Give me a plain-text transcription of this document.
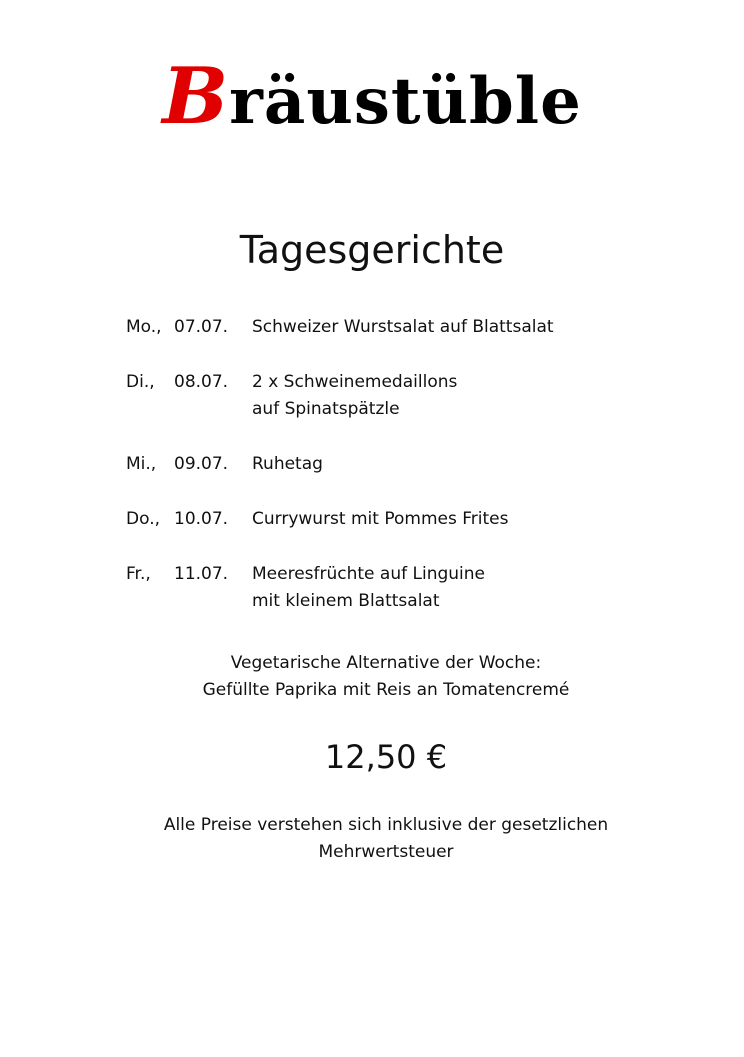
Bräustüble
Tagesgerichte
Mo., 07.07.	Schweizer Wurstsalat auf Blattsalat
Di., 08.07.	2 x Schweinemedaillons
auf Spinatspätzle
Mi., 09.07.	Ruhetag
Do., 10.07.	Currywurst mit Pommes Frites
Fr., 11.07.	Meeresfrüchte auf Linguine
mit kleinem Blattsalat
Vegetarische Alternative der Woche:
Gefüllte Paprika mit Reis an Tomatencremé
12,50 €
Alle Preise verstehen sich inklusive der gesetzlichen
Mehrwertsteuer
